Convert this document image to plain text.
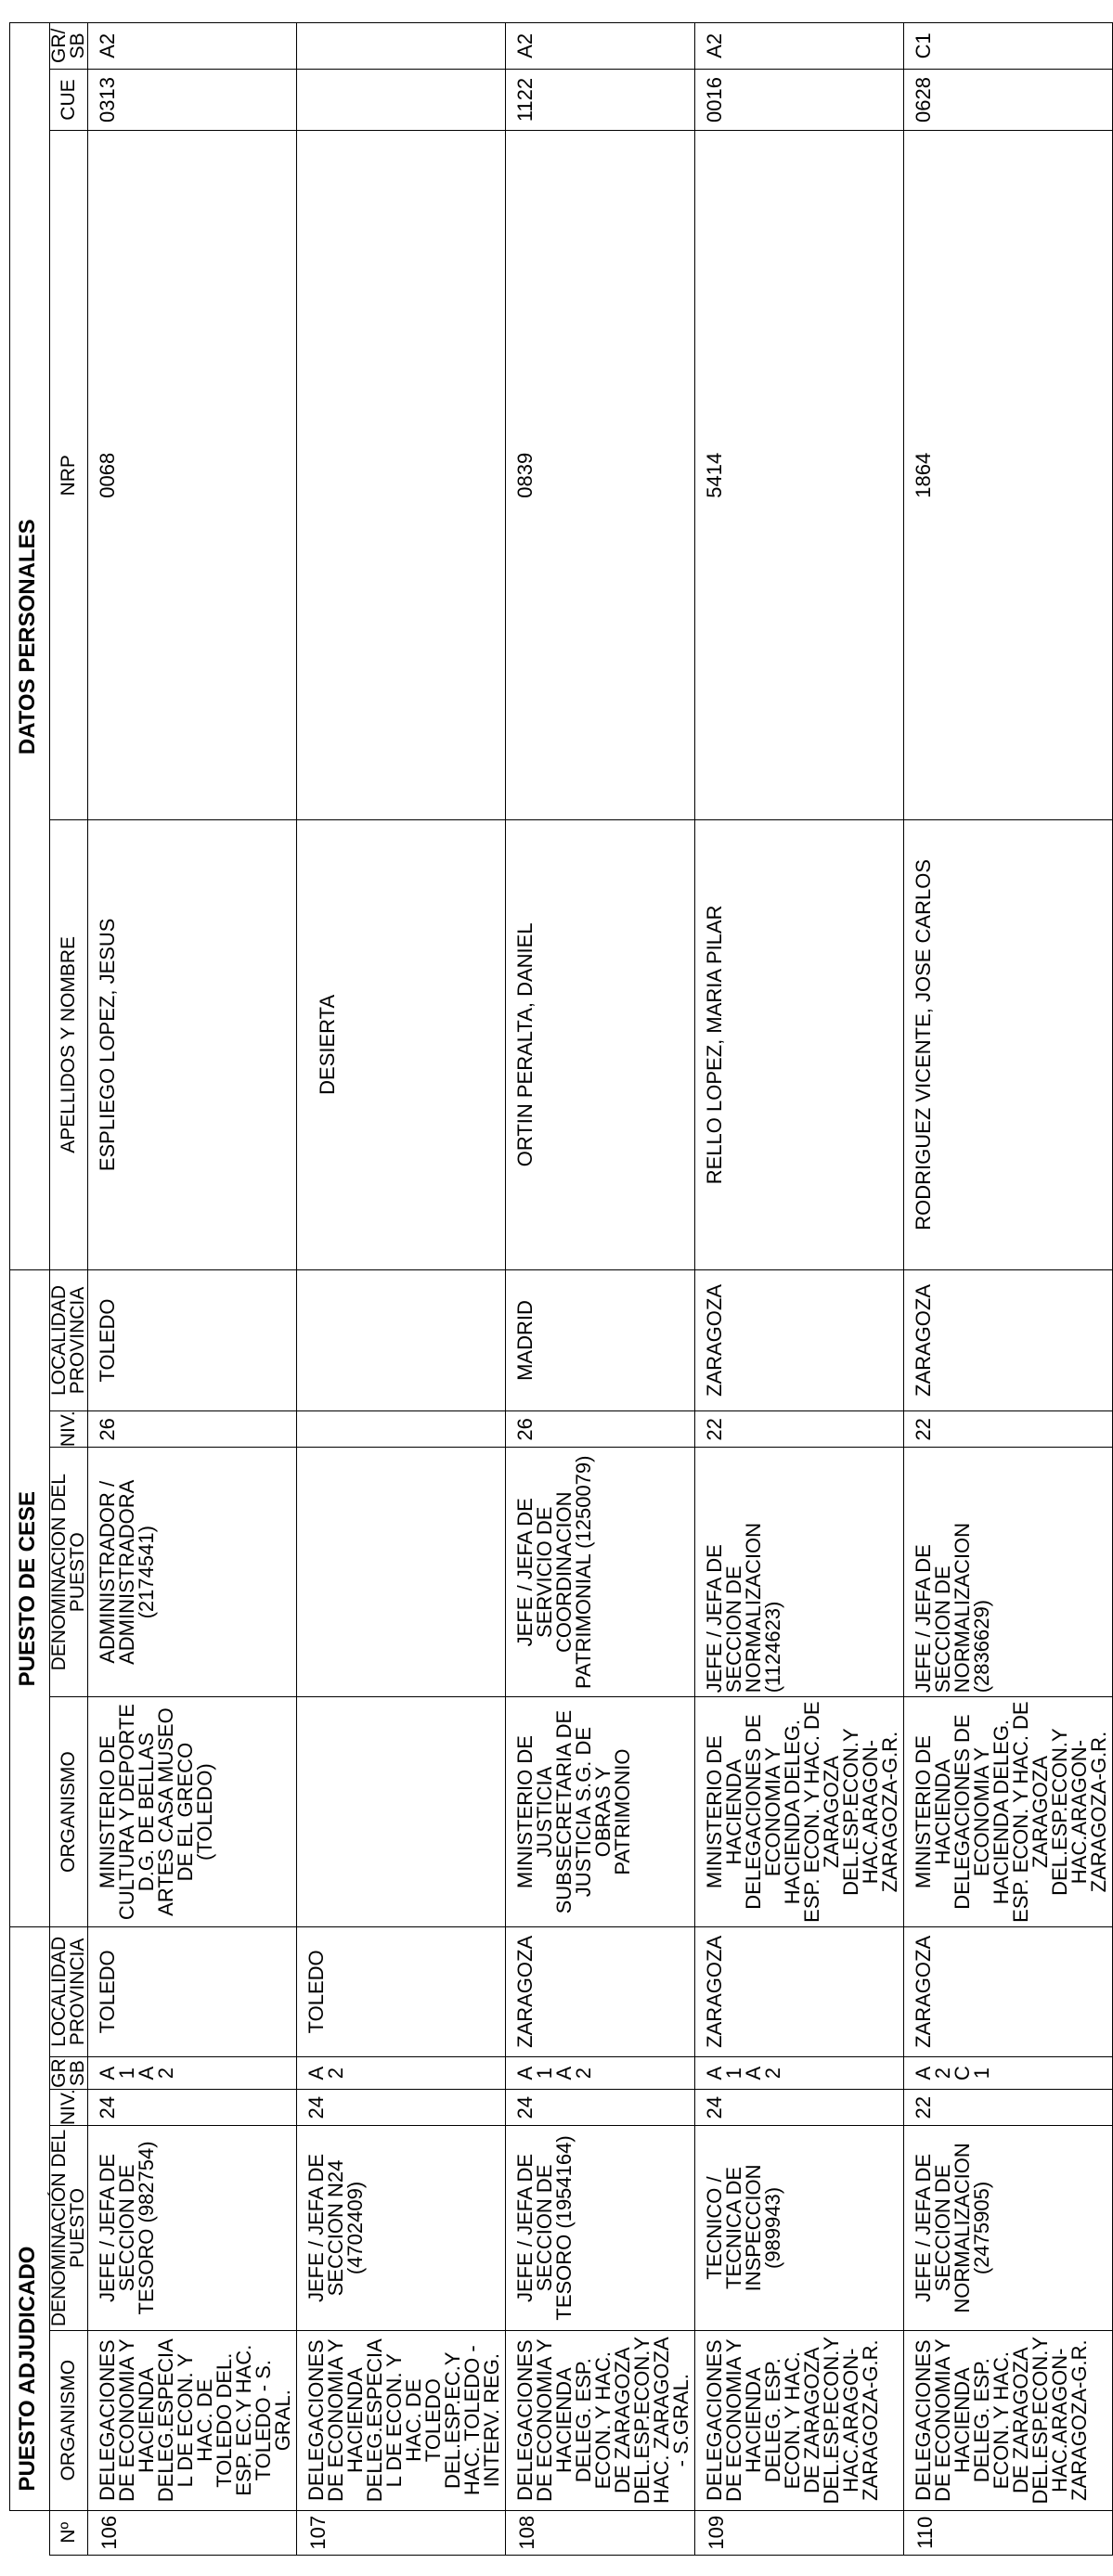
	PUESTO ADJUDICADO					PUESTO DE CESE				DATOS PERSONALES			
Nº	ORGANISMO	DENOMINACIÓN DEL PUESTO	NIV.	GR SB	LOCALIDAD PROVINCIA	ORGANISMO	DENOMINACION DEL PUESTO	NIV.	LOCALIDAD PROVINCIA	APELLIDOS Y NOMBRE	NRP	CUE	GR/ SB
106	DELEGACIONES DE ECONOMIA Y HACIENDA DELEG.ESPECIAL DE ECON. Y HAC. DE TOLEDO DEL. ESP. EC.Y HAC. TOLEDO - S. GRAL.	JEFE / JEFA DE SECCION DE TESORO (982754)	24	A1 A2	TOLEDO	MINISTERIO DE CULTURA Y DEPORTE D.G. DE BELLAS ARTES CASA MUSEO DE EL GRECO (TOLEDO)	ADMINISTRADOR / ADMINISTRADORA (2174541)	26	TOLEDO	ESPLIEGO LOPEZ, JESUS	0068	0313	A2
107	DELEGACIONES DE ECONOMIA Y HACIENDA DELEG.ESPECIAL DE ECON. Y HAC. DE TOLEDO DEL.ESP.EC.Y HAC. TOLEDO - INTERV. REG.	JEFE / JEFA DE SECCION N24 (4702409)	24	A2	TOLEDO					DESIERTA			
108	DELEGACIONES DE ECONOMIA Y HACIENDA DELEG. ESP. ECON. Y HAC. DE ZARAGOZA DEL.ESP.ECON.Y HAC. ZARAGOZA - S.GRAL.	JEFE / JEFA DE SECCION DE TESORO (1954164)	24	A1 A2	ZARAGOZA	MINISTERIO DE JUSTICIA SUBSECRETARIA DE JUSTICIA S.G. DE OBRAS Y PATRIMONIO	JEFE / JEFA DE SERVICIO DE COORDINACION PATRIMONIAL (1250079)	26	MADRID	ORTIN PERALTA, DANIEL	0839	1122	A2
109	DELEGACIONES DE ECONOMIA Y HACIENDA DELEG. ESP. ECON. Y HAC. DE ZARAGOZA DEL.ESP.ECON.Y HAC.ARAGON-ZARAGOZA-G.R.	TECNICO / TECNICA DE INSPECCION (989943)	24	A1 A2	ZARAGOZA	MINISTERIO DE HACIENDA DELEGACIONES DE ECONOMIA Y HACIENDA DELEG. ESP. ECON. Y HAC. DE ZARAGOZA DEL.ESP.ECON.Y HAC.ARAGON-ZARAGOZA-G.R.	JEFE / JEFA DE SECCION DE NORMALIZACION (1124623)	22	ZARAGOZA	RELLO LOPEZ, MARIA PILAR	5414	0016	A2
110	DELEGACIONES DE ECONOMIA Y HACIENDA DELEG. ESP. ECON. Y HAC. DE ZARAGOZA DEL.ESP.ECON.Y HAC.ARAGON-ZARAGOZA-G.R.	JEFE / JEFA DE SECCION DE NORMALIZACION (2475905)	22	A2 C1	ZARAGOZA	MINISTERIO DE HACIENDA DELEGACIONES DE ECONOMIA Y HACIENDA DELEG. ESP. ECON. Y HAC. DE ZARAGOZA DEL.ESP.ECON.Y HAC.ARAGON-ZARAGOZA-G.R.	JEFE / JEFA DE SECCION DE NORMALIZACION (2836629)	22	ZARAGOZA	RODRIGUEZ VICENTE, JOSE CARLOS	1864	0628	C1
